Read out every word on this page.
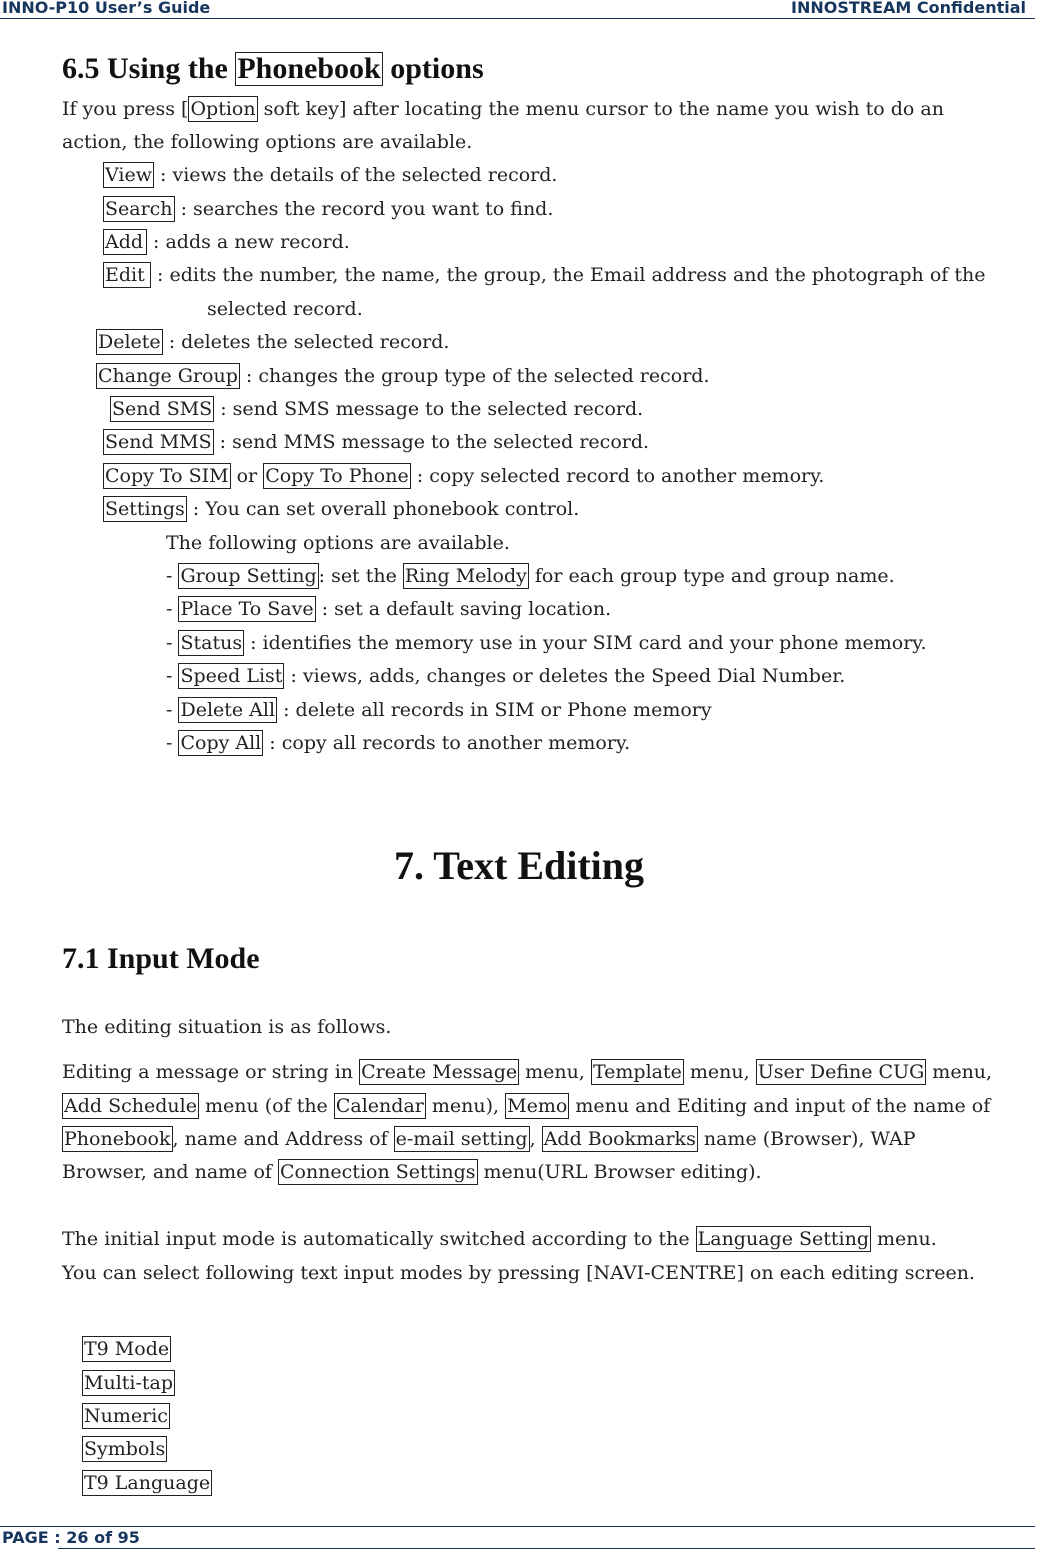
INNO-P10 User’s Guide	INNOSTREAM Confidential
6.5 Using the Phonebook options
If you press [ Option soft key] after locating the menu cursor to the name you wish to do an
action, the following options are available.
View : views the details of the selected record.
Search : searches the record you want to find.
Add : adds a new record.
Edit : edits the number, the name, the group, the Email address and the photograph of the
selected record.
Delete : deletes the selected record.
Change Group : changes the group type of the selected record.
Send SMS : send SMS message to the selected record.
Send MMS : send MMS message to the selected record.
Copy To SIM or Copy To Phone : copy selected record to another memory.
Settings : You can set overall phonebook control.
The following options are available.
- Group Setting : set the Ring Melody for each group type and group name.
- Place To Save : set a default saving location.
- Status : identifies the memory use in your SIM card and your phone memory.
- Speed List : views, adds, changes or deletes the Speed Dial Number.
- Delete All : delete all records in SIM or Phone memory
- Copy All : copy all records to another memory.
7. Text Editing
7.1 Input Mode
The editing situation is as follows.
Editing a message or string in Create Message menu, Template menu, User Define CUG menu,
Add Schedule menu (of the Calendar menu), Memo menu and Editing and input of the name of
Phonebook , name and Address of e-mail setting , Add Bookmarks name (Browser), WAP
Browser, and name of Connection Settings menu(URL Browser editing).
The initial input mode is automatically switched according to the Language Setting menu.
You can select following text input modes by pressing [NAVI-CENTRE] on each editing screen.
T9 Mode
Multi-tap
Numeric
Symbols
T9 Language
PAGE : 26 of 95
